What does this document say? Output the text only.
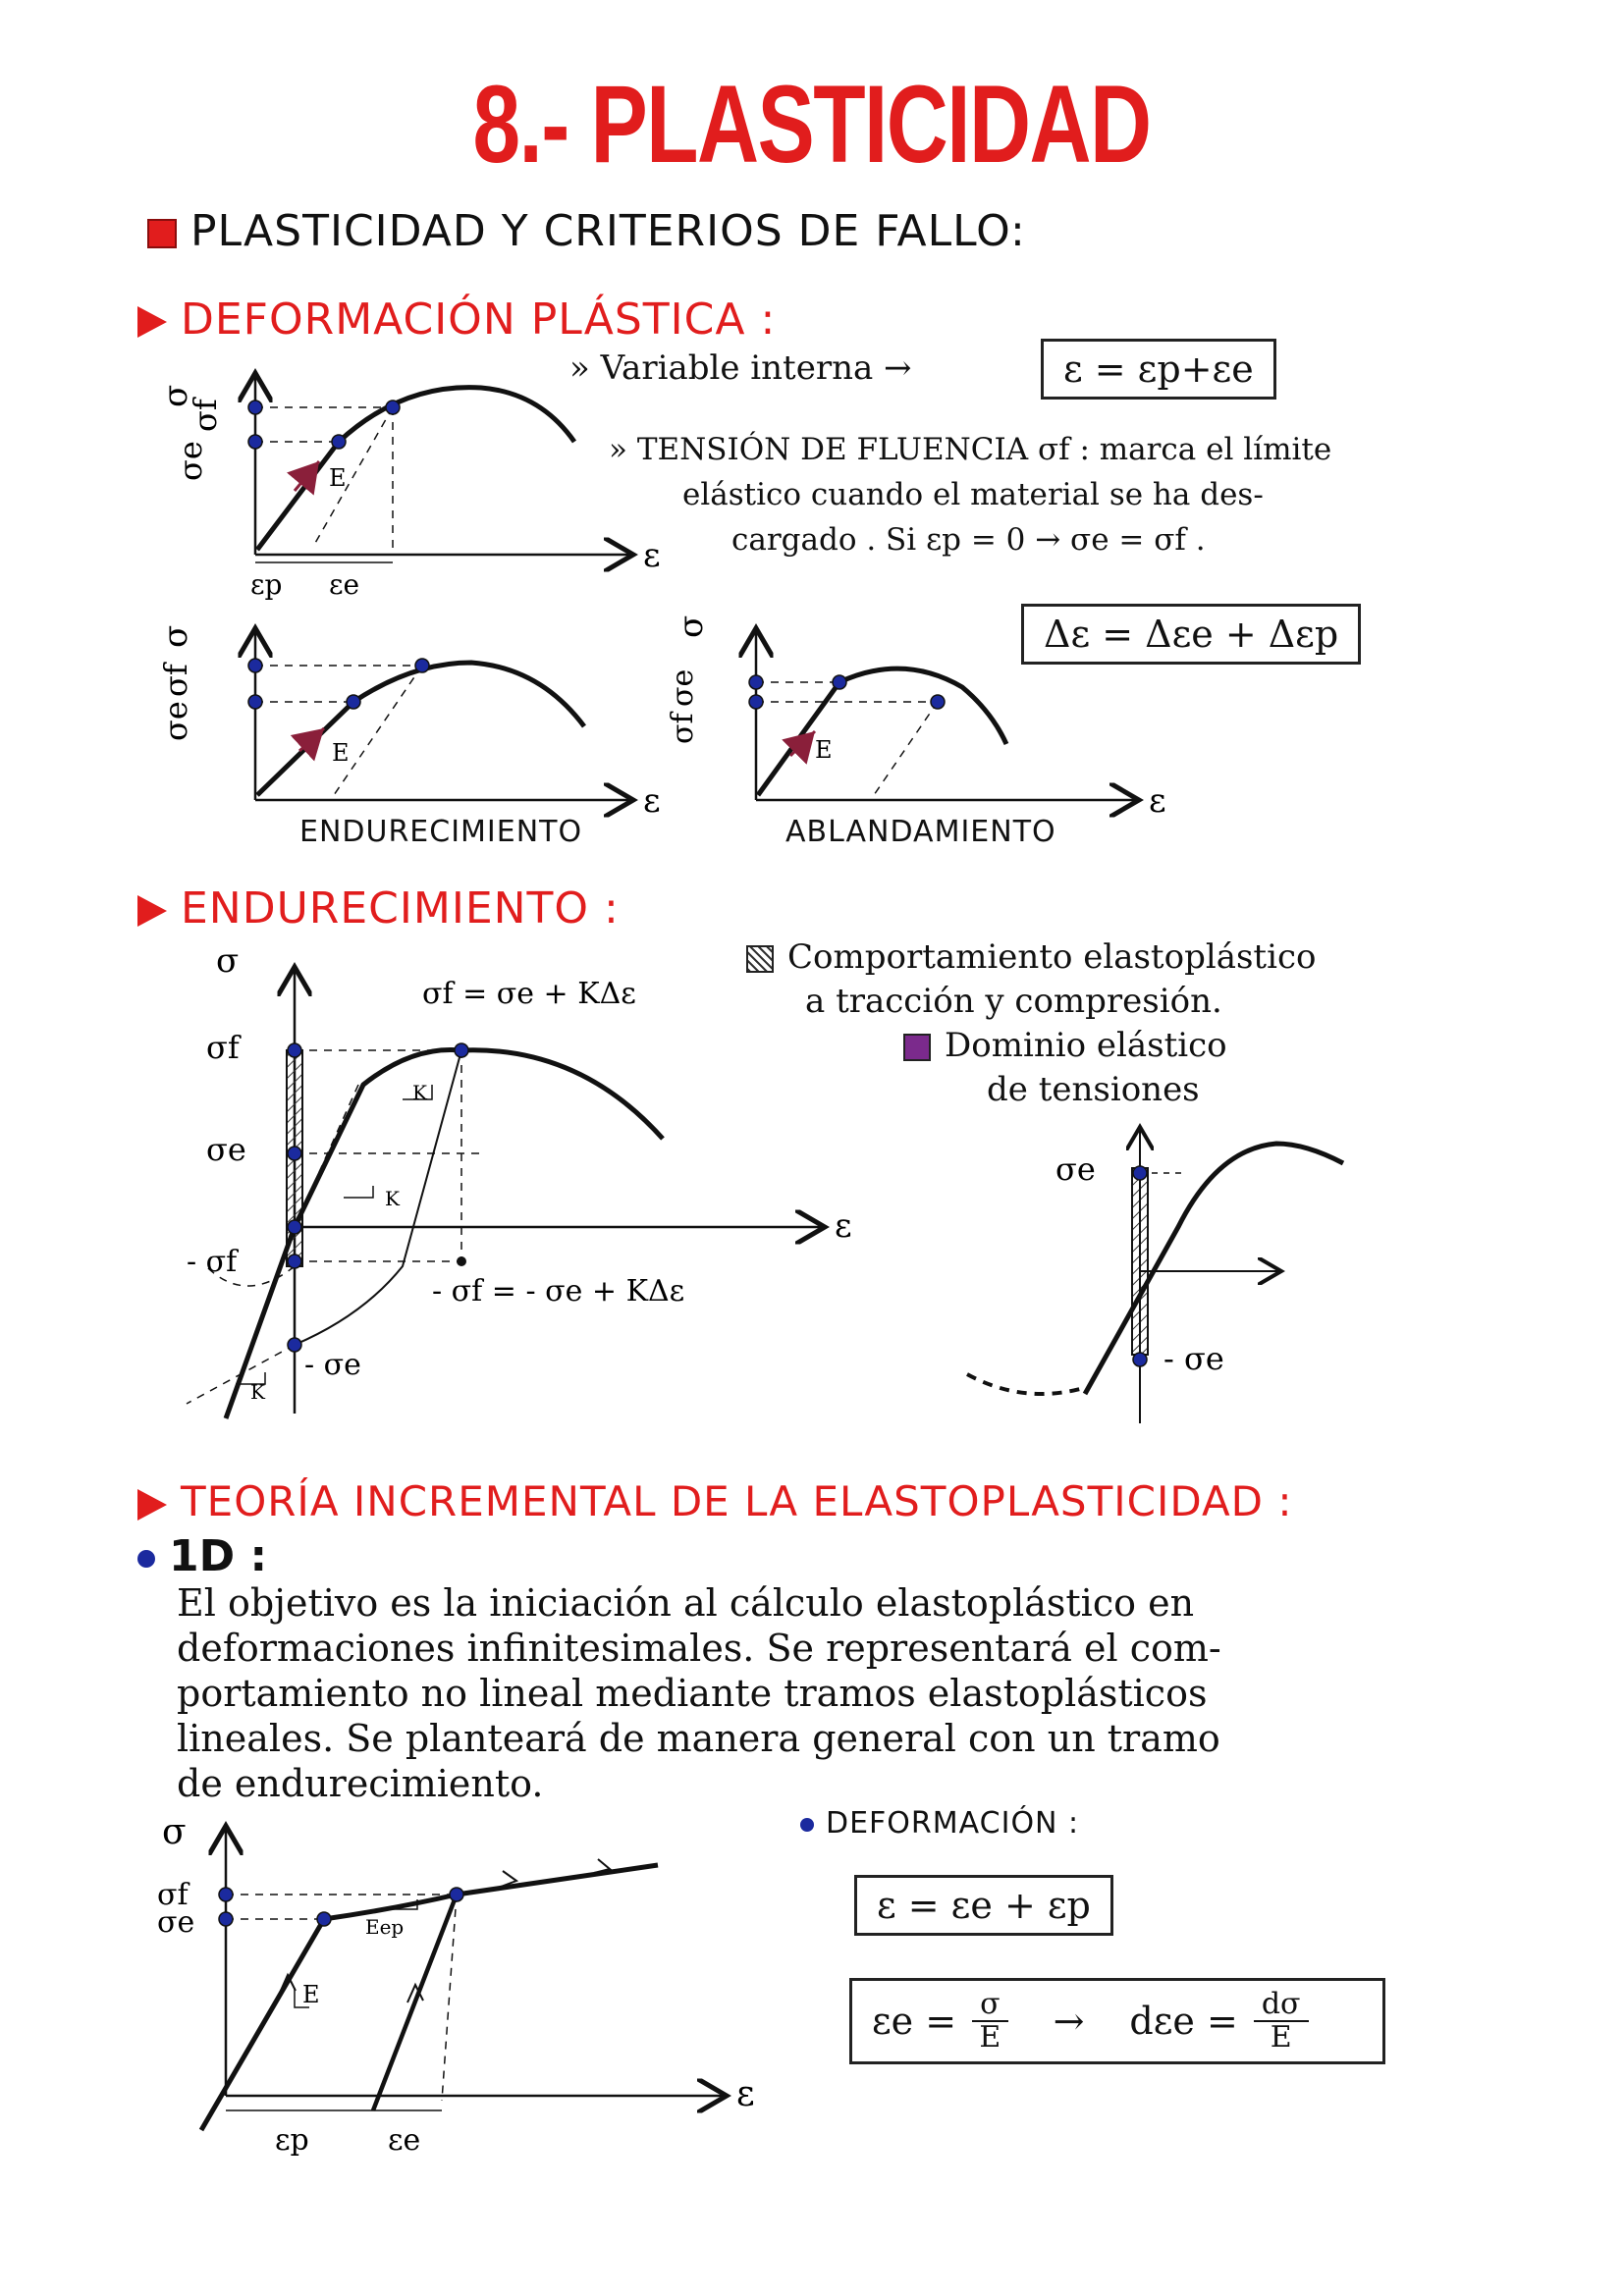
8.- PLASTICIDAD
PLASTICIDAD Y CRITERIOS DE FALLO:
DEFORMACIÓN PLÁSTICA :
» Variable interna →	ε = εp+εe
» TENSIÓN DE FLUENCIA σf : marca el límite
elástico cuando el material se ha des-
cargado . Si εp = 0 → σe = σf .
Δε = Δεe + Δεp
E
σ
σf
σe
ε
εp εe
E
σ
σf
σe
ε
ENDURECIMIENTO
E
σ
σe
σf
ε
ABLANDAMIENTO
ENDURECIMIENTO :
σ
σf
σe
- σf
- σe
ε
K
K
K
σf = σe + KΔε
- σf = - σe + KΔε
Comportamiento elastoplástico
a tracción y compresión.
Dominio elástico
de tensiones
σe
- σe
TEORÍA INCREMENTAL DE LA ELASTOPLASTICIDAD :
1D :
El objetivo es la iniciación al cálculo elastoplástico en
deformaciones infinitesimales. Se representará el com-
portamiento no lineal mediante tramos elastoplásticos
lineales. Se planteará de manera general con un tramo
de endurecimiento.
σ
σf
σe
E
Eep
ε
εp	εe
DEFORMACIÓN :
ε = εe + εp
$\varepsilon e = \frac{\sigma}{E} \to d\varepsilon e = \frac{d\sigma}{E}$
